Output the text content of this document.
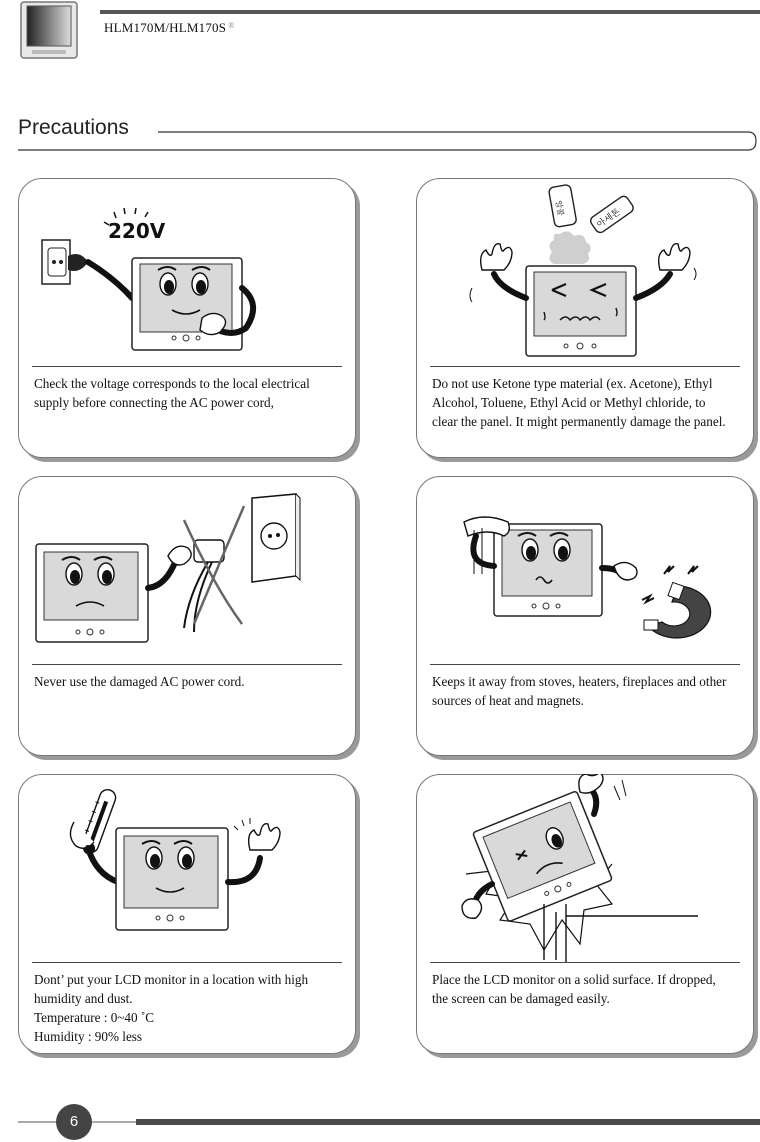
HLM170M/HLM170S ®
Precautions
220V
Check the voltage corresponds to the local electrical
supply before connecting the AC power cord,
알콜	아세톤
Do not use Ketone type material (ex. Acetone), Ethyl
Alcohol, Toluene, Ethyl Acid or Methyl chloride, to
clear the panel. It might permanently damage the panel.
Never use the damaged AC power cord.	Keeps it away from stoves, heaters, fireplaces and other
sources of heat and magnets.
Dont’ put your LCD monitor in a location with high
humidity and dust.
Temperature : 0~40 ˚C
Humidity : 90% less
Place the LCD monitor on a solid surface. If dropped,
the screen can be damaged easily.
6
